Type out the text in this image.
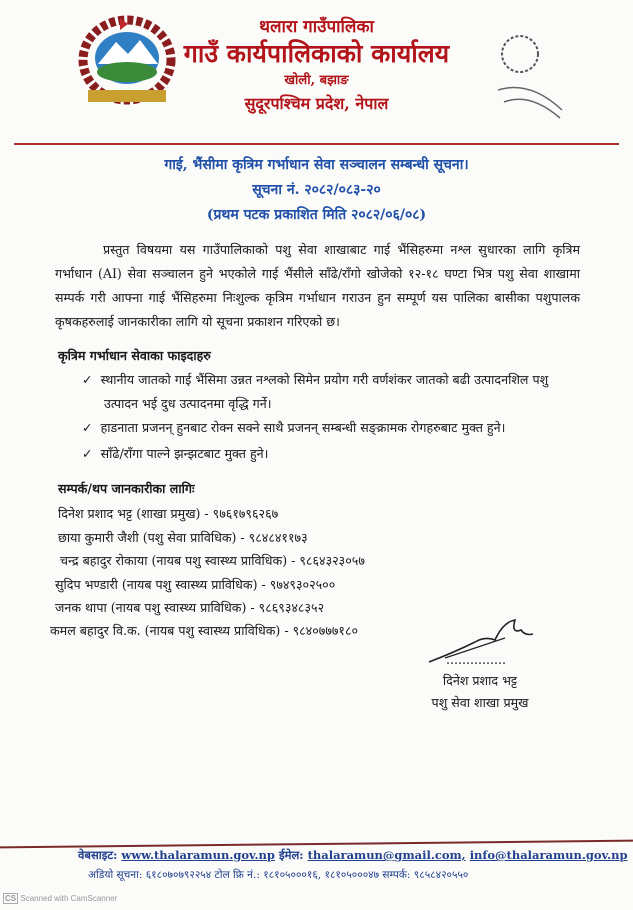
थलारा गाउँपालिका
गाउँ कार्यपालिकाको कार्यालय
खोली, बझाङ
सुदूरपश्चिम प्रदेश, नेपाल
गाई, भैंसीमा कृत्रिम गर्भाधान सेवा सञ्चालन सम्बन्धी सूचना।
सूचना नं. २०८२/०८३-२०
(प्रथम पटक प्रकाशित मिति २०८२/०६/०८)
प्रस्तुत विषयमा यस गाउँपालिकाको पशु सेवा शाखाबाट गाई भैंसिहरुमा नश्ल सुधारका लागि कृत्रिम गर्भाधान (AI) सेवा सञ्चालन हुने भएकोले गाई भैंसीले साँढे/राँगो खोजेको १२-१८ घण्टा भित्र पशु सेवा शाखामा सम्पर्क गरी आफ्ना गाई भैंसिहरुमा निःशुल्क कृत्रिम गर्भाधान गराउन हुन सम्पूर्ण यस पालिका बासीका पशुपालक कृषकहरुलाई जानकारीका लागि यो सूचना प्रकाशन गरिएको छ।
कृत्रिम गर्भाधान सेवाका फाइदाहरु
✓ स्थानीय जातको गाई भैंसिमा उन्नत नश्लको सिमेन प्रयोग गरी वर्णशंकर जातको बढी उत्पादनशिल पशु उत्पादन भई दुध उत्पादनमा वृद्धि गर्ने।
✓ हाडनाता प्रजनन् हुनबाट रोक्न सक्ने साथै प्रजनन् सम्बन्धी सङ्क्रामक रोगहरुबाट मुक्त हुने।
✓ साँढे/राँगा पाल्ने झन्झटबाट मुक्त हुने।
सम्पर्क/थप जानकारीका लागिः
दिनेश प्रशाद भट्ट (शाखा प्रमुख) - ९७६१७९६२६७
छाया कुमारी जैशी (पशु सेवा प्राविधिक) - ९८४८४११७३
चन्द्र बहादुर रोकाया (नायब पशु स्वास्थ्य प्राविधिक) - ९८६४३२३०५७
सुदिप भण्डारी (नायब पशु स्वास्थ्य प्राविधिक) - ९७४९३०२५००
जनक थापा (नायब पशु स्वास्थ्य प्राविधिक) - ९८६९३४८३५२
कमल बहादुर वि.क. (नायब पशु स्वास्थ्य प्राविधिक) - ९८४०७७७१८०
...............
दिनेश प्रशाद भट्ट
पशु सेवा शाखा प्रमुख
वेबसाइट: www.thalaramun.gov.np ईमेल: thalaramun@gmail.com, info@thalaramun.gov.np
अडियो सूचना: ६१८०७०७९२२५४ टोल फ्रि नं.: १८१०५०००१६, १८१०५०००४७ सम्पर्क: ९८५८४२०५५०
CS Scanned with CamScanner
